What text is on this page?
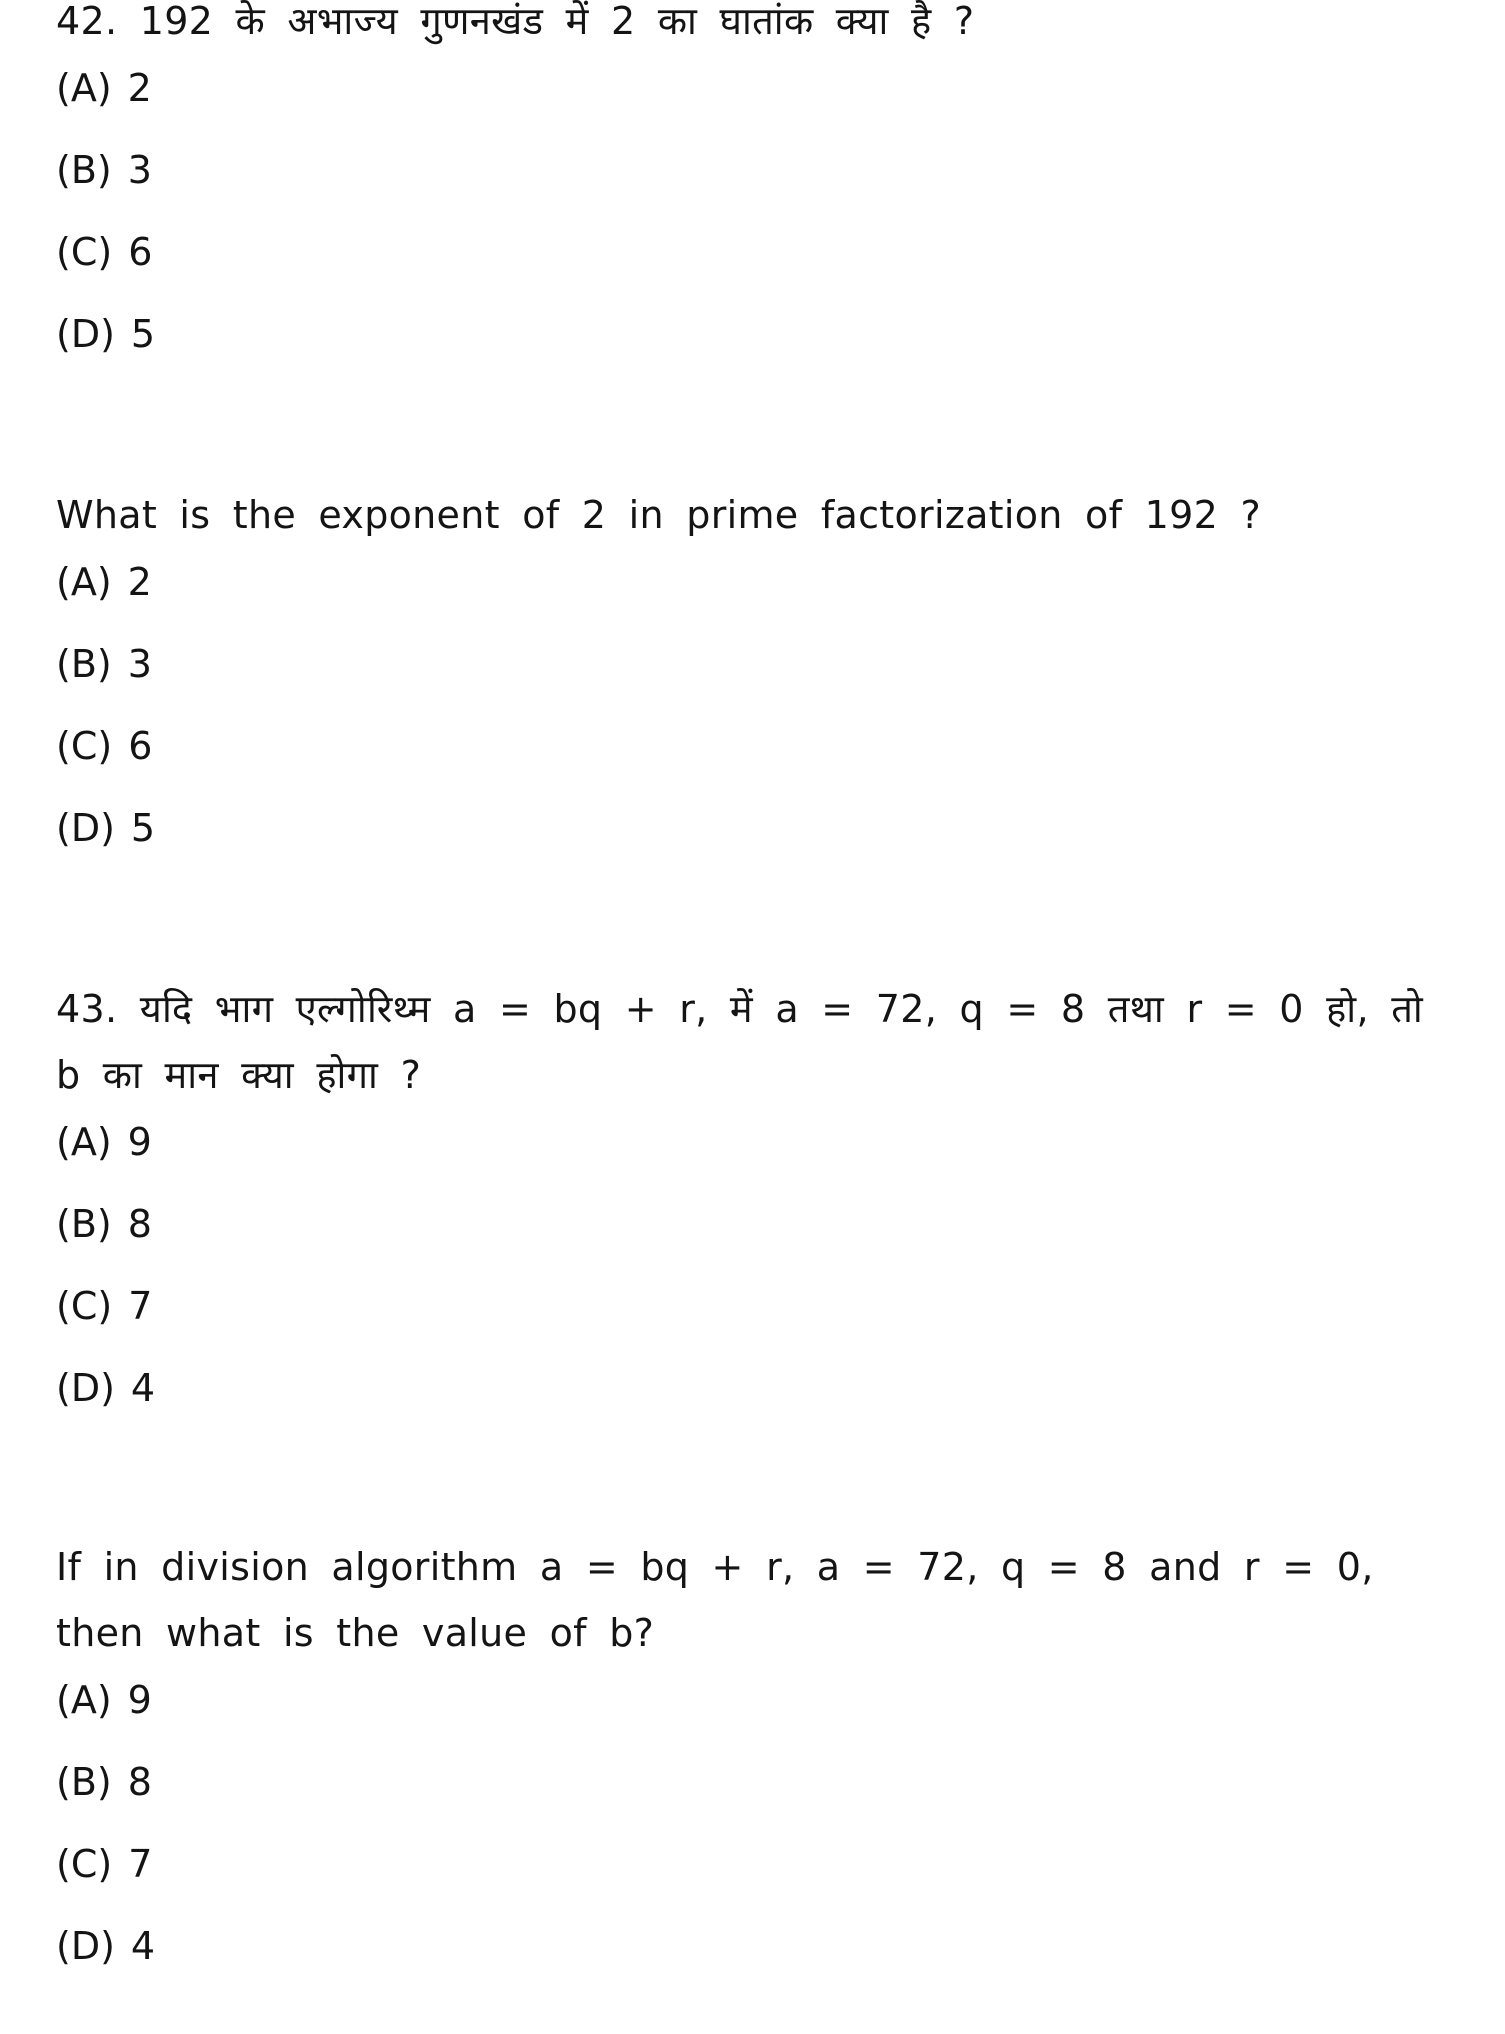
42. 192 के अभाज्य गुणनखंड में 2 का घातांक क्या है ?

(A) 2
(B) 3
(C) 6
(D) 5

What is the exponent of 2 in prime factorization of 192 ?

(A) 2
(B) 3
(C) 6
(D) 5

43. यदि भाग एल्गोरिथ्म a = bq + r, में a = 72, q = 8 तथा r = 0 हो, तो b का मान क्या होगा ?

(A) 9
(B) 8
(C) 7
(D) 4

If in division algorithm a = bq + r, a = 72, q = 8 and r = 0, then what is the value of b?

(A) 9
(B) 8
(C) 7
(D) 4
